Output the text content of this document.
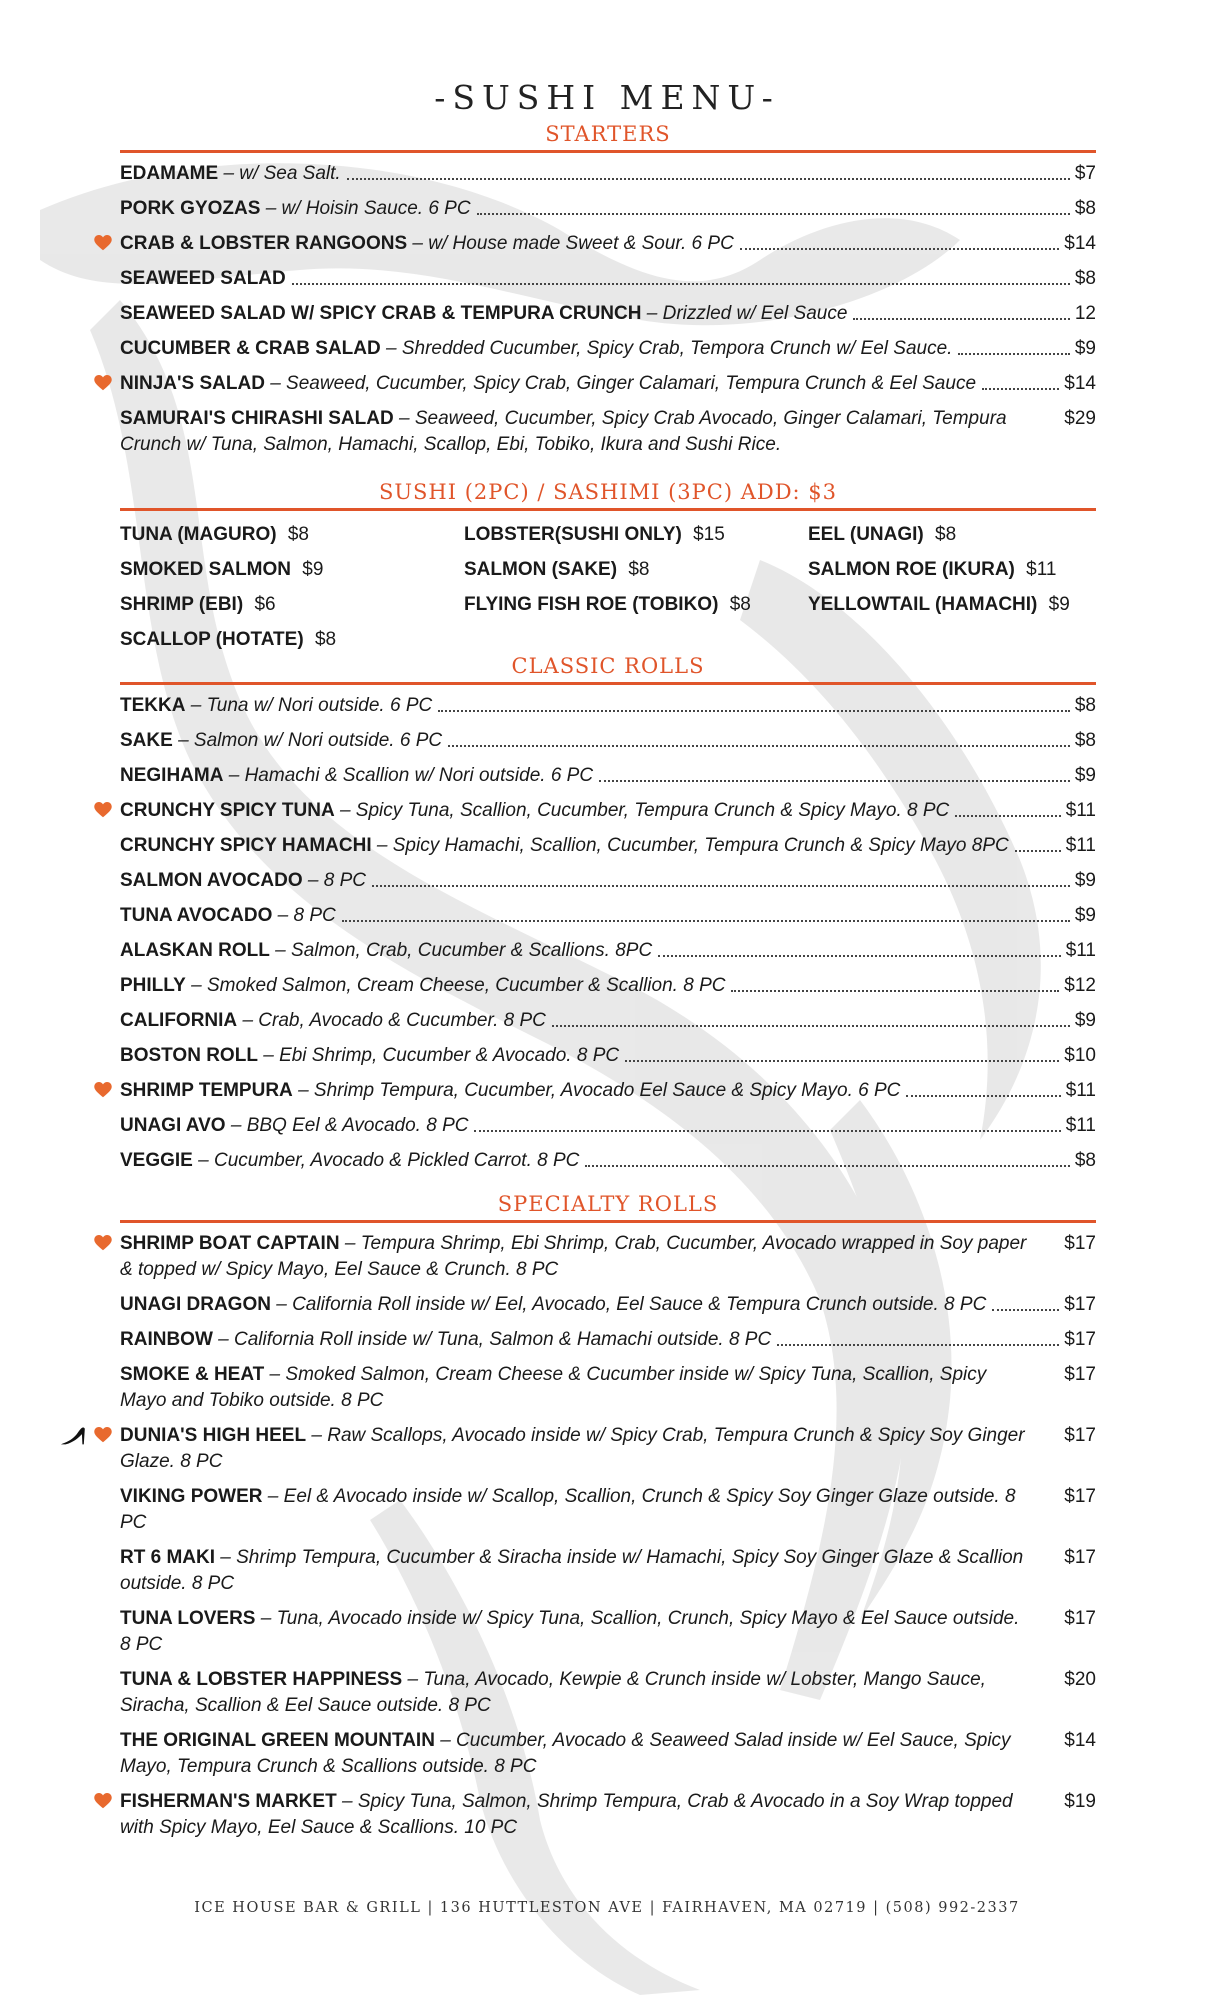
-SUSHI MENU-
STARTERS
EDAMAME – w/ Sea Salt.	$7
PORK GYOZAS – w/ Hoisin Sauce. 6 PC	$8
CRAB & LOBSTER RANGOONS – w/ House made Sweet & Sour. 6 PC	$14
SEAWEED SALAD	$8
SEAWEED SALAD W/ SPICY CRAB & TEMPURA CRUNCH – Drizzled w/ Eel Sauce	12
CUCUMBER & CRAB SALAD – Shredded Cucumber, Spicy Crab, Tempora Crunch w/ Eel Sauce.	$9
NINJA'S SALAD – Seaweed, Cucumber, Spicy Crab, Ginger Calamari, Tempura Crunch & Eel Sauce	$14
SAMURAI'S CHIRASHI SALAD – Seaweed, Cucumber, Spicy Crab Avocado, Ginger Calamari, Tempura Crunch w/ Tuna, Salmon, Hamachi, Scallop, Ebi, Tobiko, Ikura and Sushi Rice.
$29
SUSHI (2PC) / SASHIMI (3PC) ADD: $3
TUNA (MAGURO) $8	LOBSTER(SUSHI ONLY) $15	EEL (UNAGI) $8
SMOKED SALMON $9	SALMON (SAKE) $8	SALMON ROE (IKURA) $11
SHRIMP (EBI) $6	FLYING FISH ROE (TOBIKO) $8	YELLOWTAIL (HAMACHI) $9
SCALLOP (HOTATE) $8
CLASSIC ROLLS
TEKKA – Tuna w/ Nori outside. 6 PC	$8
SAKE – Salmon w/ Nori outside. 6 PC	$8
NEGIHAMA – Hamachi & Scallion w/ Nori outside. 6 PC	$9
CRUNCHY SPICY TUNA – Spicy Tuna, Scallion, Cucumber, Tempura Crunch & Spicy Mayo. 8 PC	$11
CRUNCHY SPICY HAMACHI – Spicy Hamachi, Scallion, Cucumber, Tempura Crunch & Spicy Mayo 8PC	$11
SALMON AVOCADO – 8 PC	$9
TUNA AVOCADO – 8 PC	$9
ALASKAN ROLL – Salmon, Crab, Cucumber & Scallions. 8PC	$11
PHILLY – Smoked Salmon, Cream Cheese, Cucumber & Scallion. 8 PC	$12
CALIFORNIA – Crab, Avocado & Cucumber. 8 PC	$9
BOSTON ROLL – Ebi Shrimp, Cucumber & Avocado. 8 PC	$10
SHRIMP TEMPURA – Shrimp Tempura, Cucumber, Avocado Eel Sauce & Spicy Mayo. 6 PC	$11
UNAGI AVO – BBQ Eel & Avocado. 8 PC	$11
VEGGIE – Cucumber, Avocado & Pickled Carrot. 8 PC	$8
SPECIALTY ROLLS
SHRIMP BOAT CAPTAIN – Tempura Shrimp, Ebi Shrimp, Crab, Cucumber, Avocado wrapped in Soy paper & topped w/ Spicy Mayo, Eel Sauce & Crunch. 8 PC
$17
UNAGI DRAGON – California Roll inside w/ Eel, Avocado, Eel Sauce & Tempura Crunch outside. 8 PC	$17
RAINBOW – California Roll inside w/ Tuna, Salmon & Hamachi outside. 8 PC	$17
SMOKE & HEAT – Smoked Salmon, Cream Cheese & Cucumber inside w/ Spicy Tuna, Scallion, Spicy Mayo and Tobiko outside. 8 PC
$17
DUNIA'S HIGH HEEL – Raw Scallops, Avocado inside w/ Spicy Crab, Tempura Crunch & Spicy Soy Ginger Glaze. 8 PC
$17
VIKING POWER – Eel & Avocado inside w/ Scallop, Scallion, Crunch & Spicy Soy Ginger Glaze outside. 8 PC
$17
RT 6 MAKI – Shrimp Tempura, Cucumber & Siracha inside w/ Hamachi, Spicy Soy Ginger Glaze & Scallion outside. 8 PC
$17
TUNA LOVERS – Tuna, Avocado inside w/ Spicy Tuna, Scallion, Crunch, Spicy Mayo & Eel Sauce outside. 8 PC
$17
TUNA & LOBSTER HAPPINESS – Tuna, Avocado, Kewpie & Crunch inside w/ Lobster, Mango Sauce, Siracha, Scallion & Eel Sauce outside. 8 PC
$20
THE ORIGINAL GREEN MOUNTAIN – Cucumber, Avocado & Seaweed Salad inside w/ Eel Sauce, Spicy Mayo, Tempura Crunch & Scallions outside. 8 PC
$14
FISHERMAN'S MARKET – Spicy Tuna, Salmon, Shrimp Tempura, Crab & Avocado in a Soy Wrap topped with Spicy Mayo, Eel Sauce & Scallions. 10 PC
$19
ICE HOUSE BAR & GRILL | 136 HUTTLESTON AVE | FAIRHAVEN, MA 02719 | (508) 992-2337
